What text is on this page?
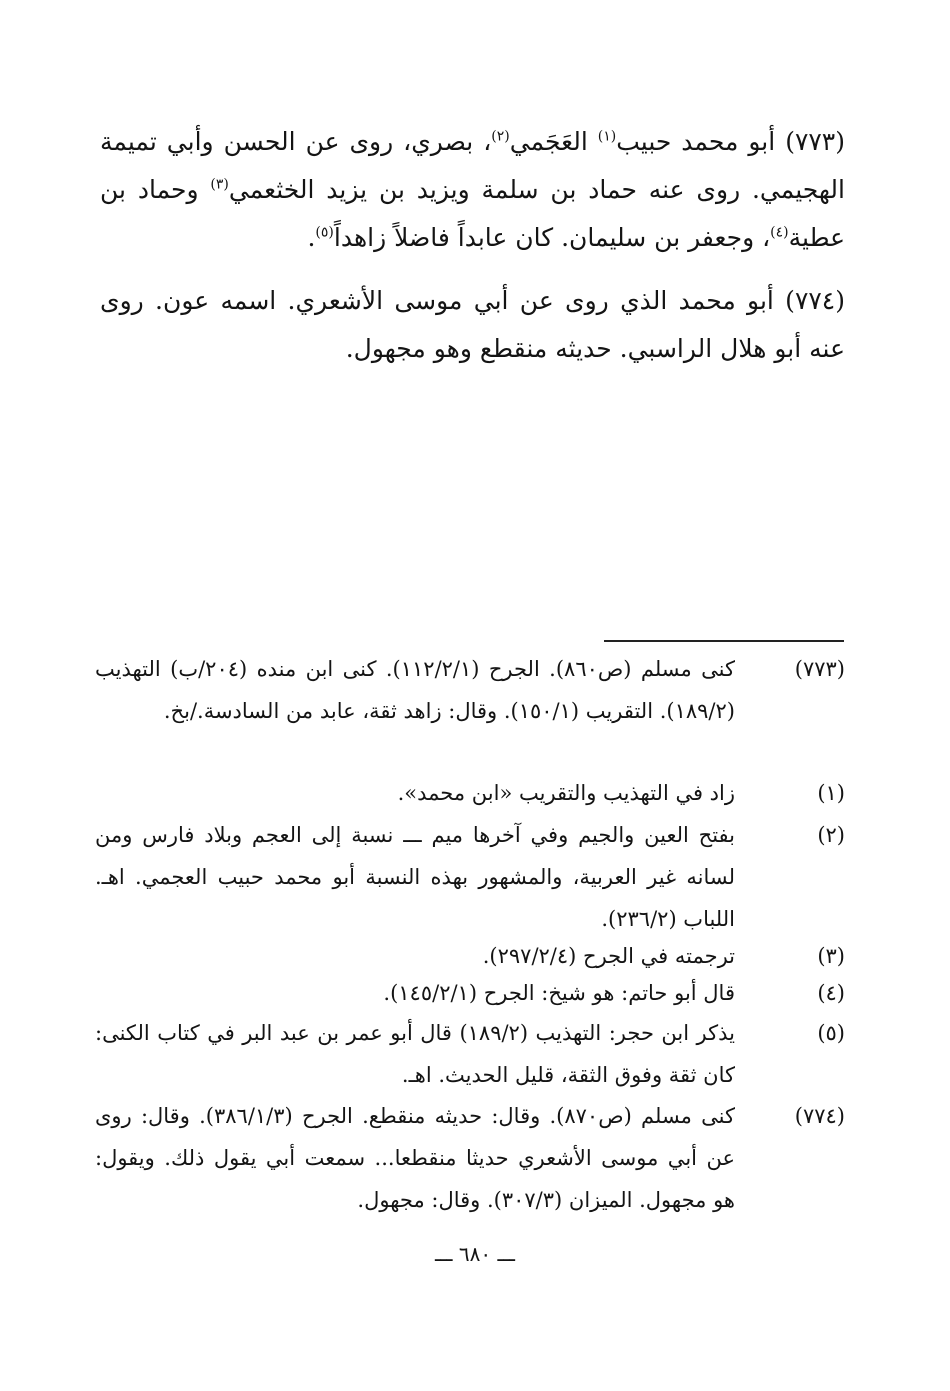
(٧٧٣) أبو محمد حبيب$^{(١)}$ العَجَمي$^{(٢)}$، بصري، روى عن الحسن وأبي تميمة الهجيمي. روى عنه حماد بن سلمة ويزيد بن يزيد الخثعمي$^{(٣)}$ وحماد بن عطية$^{(٤)}$، وجعفر بن سليمان. كان عابداً فاضلاً زاهداً$^{(٥)}$.
(٧٧٤) أبو محمد الذي روى عن أبي موسى الأشعري. اسمه عون. روى عنه أبو هلال الراسبي. حديثه منقطع وهو مجهول.
(٧٧٣)
كنى مسلم (ص٨٦٠). الجرح (١١٢/٢/١). كنى ابن منده (٢٠٤/ب) التهذيب (١٨٩/٢). التقريب (١٥٠/١). وقال: زاهد ثقة، عابد من السادسة./بخ.
(١)
زاد في التهذيب والتقريب «ابن محمد».
(٢)
بفتح العين والجيم وفي آخرها ميم ـــ نسبة إلى العجم وبلاد فارس ومن لسانه غير العربية، والمشهور بهذه النسبة أبو محمد حبيب العجمي. اهـ. اللباب (٢٣٦/٢).
(٣)
ترجمته في الجرح (٢٩٧/٢/٤).
(٤)
قال أبو حاتم: هو شيخ: الجرح (١٤٥/٢/١).
(٥)
يذكر ابن حجر: التهذيب (١٨٩/٢) قال أبو عمر بن عبد البر في كتاب الكنى: كان ثقة وفوق الثقة، قليل الحديث. اهـ.
(٧٧٤)
كنى مسلم (ص٨٧٠). وقال: حديثه منقطع. الجرح (٣٨٦/١/٣). وقال: روى عن أبي موسى الأشعري حديثا منقطعا... سمعت أبي يقول ذلك. ويقول: هو مجهول. الميزان (٣٠٧/٣). وقال: مجهول.
ـــ ٦٨٠ ـــ
